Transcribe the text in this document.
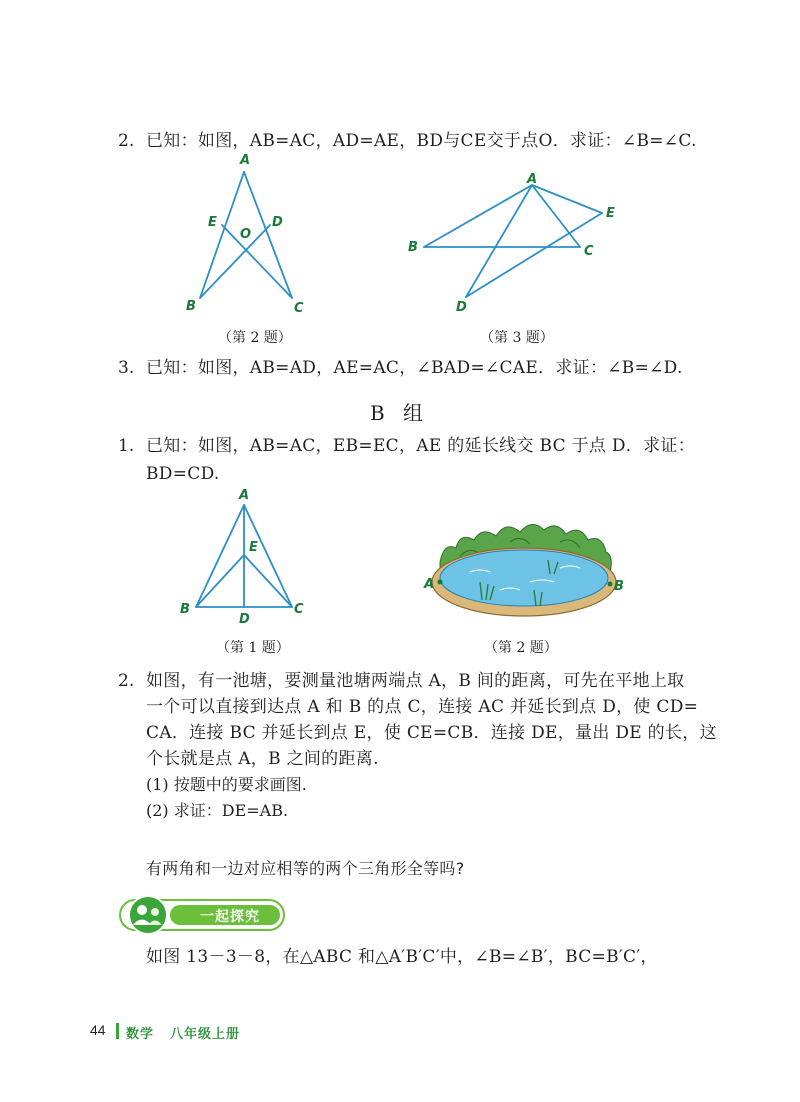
2. 已知：如图，AB=AC，AD=AE，BD与CE交于点O．求证：∠B=∠C.
A
E	D
O
B	C
（第 2 题）
A
E
B	C
D
（第 3 题）
3. 已知：如图，AB=AD，AE=AC，∠BAD=∠CAE．求证：∠B=∠D.
B 组
1. 已知：如图，AB=AC，EB=EC，AE 的延长线交 BC 于点 D．求证：
BD=CD.
A
E
B	C
D
（第 1 题）
A	B
（第 2 题）
2. 如图，有一池塘，要测量池塘两端点 A，B 间的距离，可先在平地上取
一个可以直接到达点 A 和 B 的点 C，连接 AC 并延长到点 D，使 CD=
CA．连接 BC 并延长到点 E，使 CE=CB．连接 DE，量出 DE 的长，这
个长就是点 A，B 之间的距离.
(1) 按题中的要求画图.
(2) 求证：DE=AB.
有两角和一边对应相等的两个三角形全等吗?
一起探究
如图 13－3－8，在△ABC 和△A′B′C′中，∠B=∠B′，BC=B′C′，
44 数学 八年级上册
